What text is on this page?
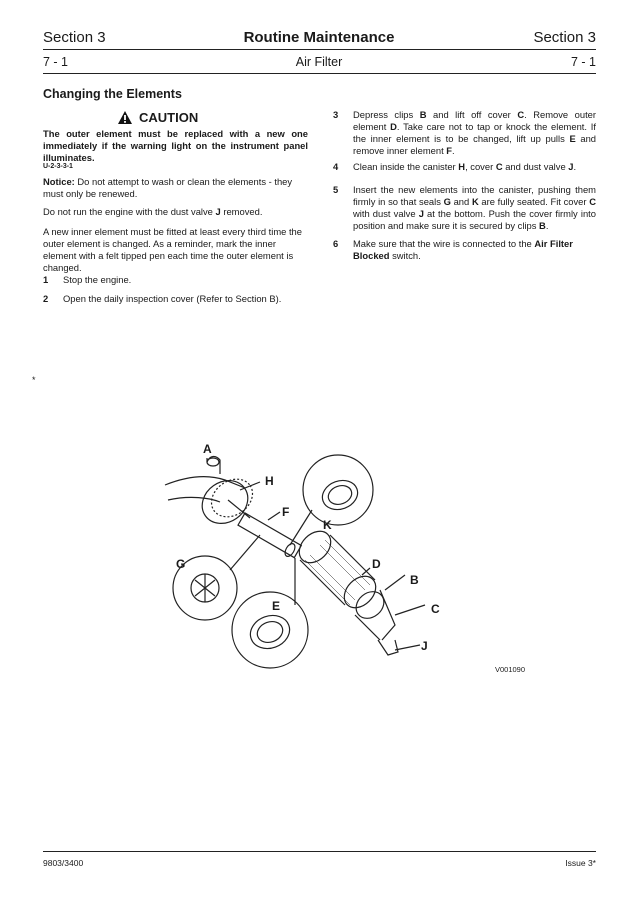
Section 3	Routine Maintenance	Section 3
7 - 1	Air Filter	7 - 1
Changing the Elements
CAUTION
The outer element must be replaced with a new one immediately if the warning light on the instrument panel illuminates.
U-2-3-3-1
Notice: Do not attempt to wash or clean the elements - they must only be renewed.
Do not run the engine with the dust valve J removed.
A new inner element must be fitted at least every third time the outer element is changed. As a reminder, mark the inner element with a felt tipped pen each time the outer element is changed.
1	Stop the engine.
2	Open the daily inspection cover (Refer to Section B).
*
3	Depress clips B and lift off cover C. Remove outer element D. Take care not to tap or knock the element. If the inner element is to be changed, lift up pulls E and remove inner element F.
4	Clean inside the canister H, cover C and dust valve J.
5	Insert the new elements into the canister, pushing them firmly in so that seals G and K are fully seated. Fit cover C with dust valve J at the bottom. Push the cover firmly into position and make sure it is secured by clips B.
6	Make sure that the wire is connected to the Air Filter Blocked switch.
A
H
F
K
G	D
B
E	C
J
V001090
9803/3400	Issue 3*
